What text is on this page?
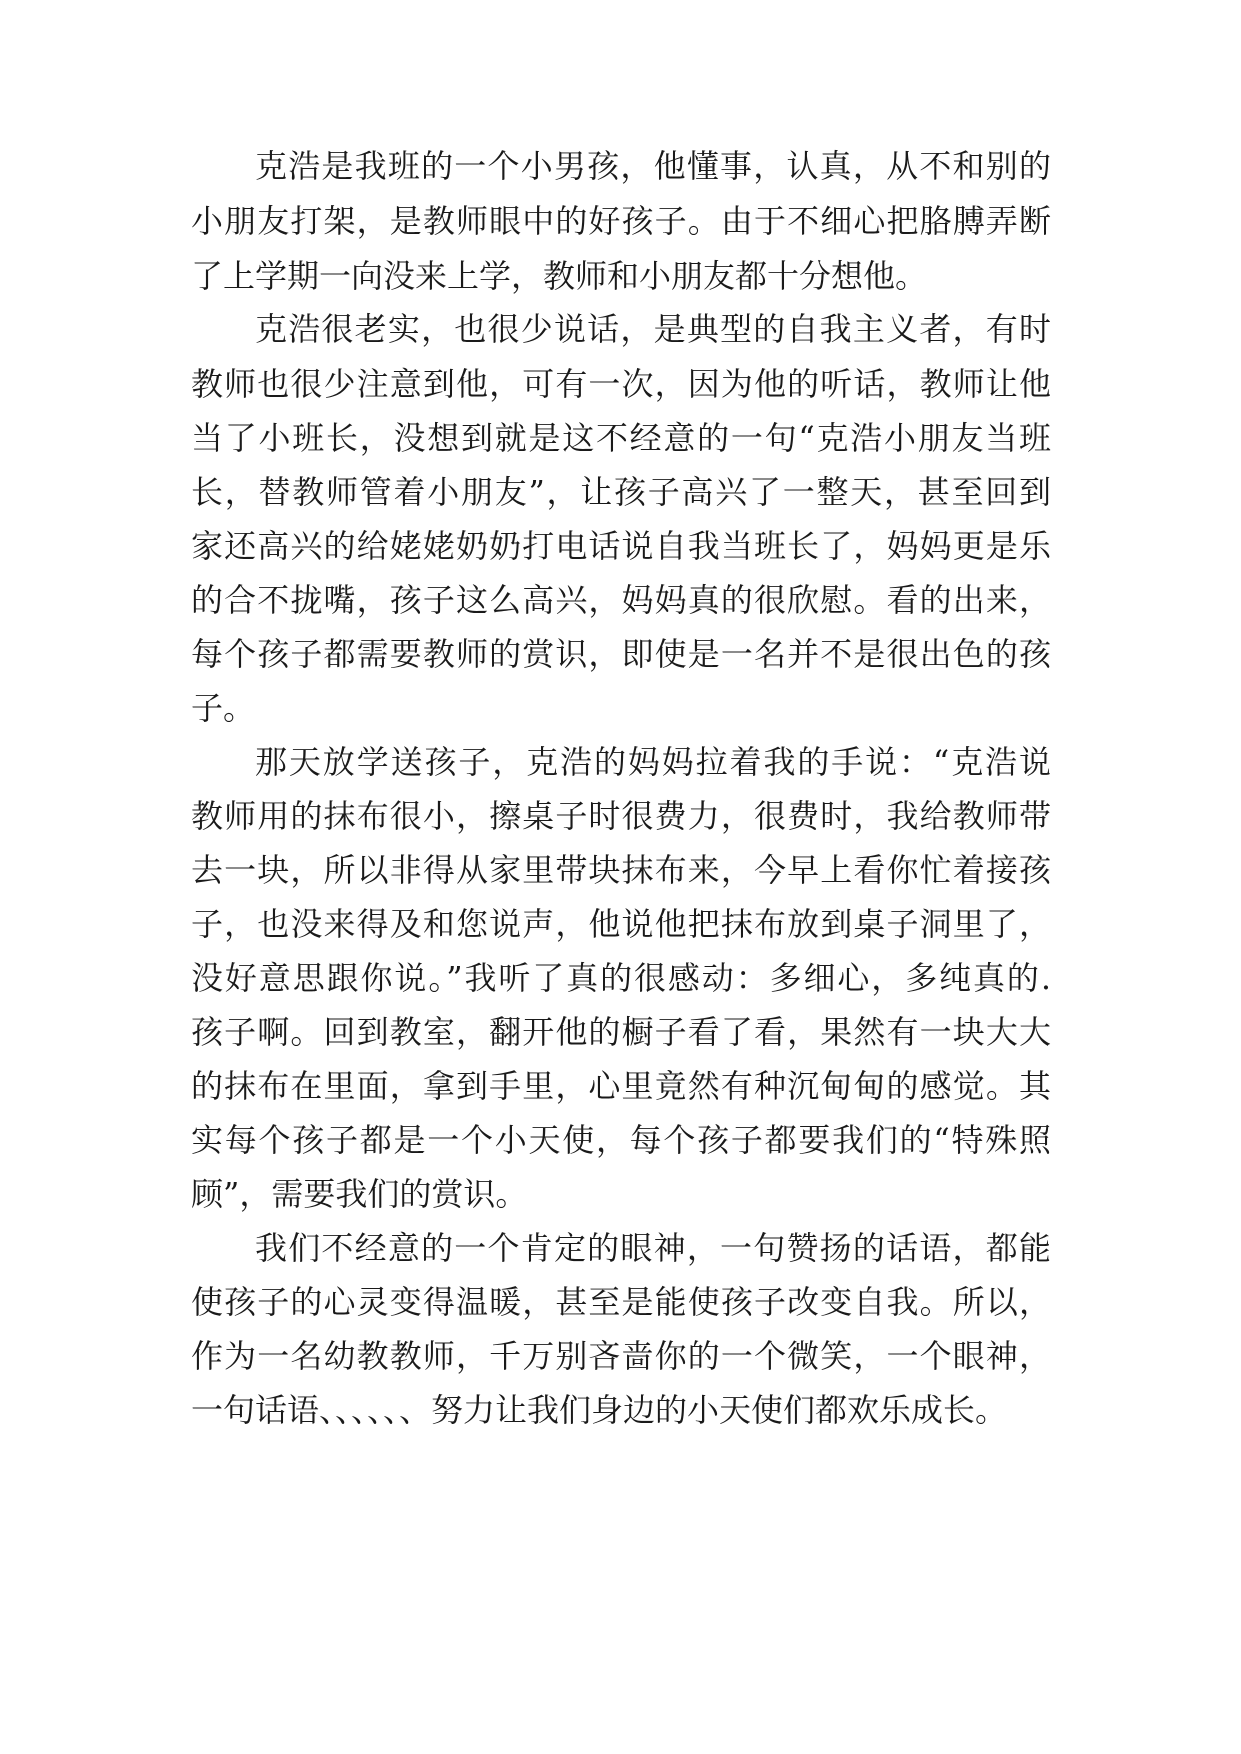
克浩是我班的一个小男孩，他懂事，认真，从不和别的
小朋友打架，是教师眼中的好孩子。由于不细心把胳膊弄断
了上学期一向没来上学，教师和小朋友都十分想他。
克浩很老实，也很少说话，是典型的自我主义者，有时
教师也很少注意到他，可有一次，因为他的听话，教师让他
当了小班长，没想到就是这不经意的一句“克浩小朋友当班
长，替教师管着小朋友”，让孩子高兴了一整天，甚至回到
家还高兴的给姥姥奶奶打电话说自我当班长了，妈妈更是乐
的合不拢嘴，孩子这么高兴，妈妈真的很欣慰。看的出来，
每个孩子都需要教师的赏识，即使是一名并不是很出色的孩
子。
那天放学送孩子，克浩的妈妈拉着我的手说：“克浩说
教师用的抹布很小，擦桌子时很费力，很费时，我给教师带
去一块，所以非得从家里带块抹布来，今早上看你忙着接孩
子，也没来得及和您说声，他说他把抹布放到桌子洞里了，
没好意思跟你说。”我听了真的很感动：多细心，多纯真的.
孩子啊。回到教室，翻开他的橱子看了看，果然有一块大大
的抹布在里面，拿到手里，心里竟然有种沉甸甸的感觉。其
实每个孩子都是一个小天使，每个孩子都要我们的“特殊照
顾”，需要我们的赏识。
我们不经意的一个肯定的眼神，一句赞扬的话语，都能
使孩子的心灵变得温暖，甚至是能使孩子改变自我。所以，
作为一名幼教教师，千万别吝啬你的一个微笑，一个眼神，
一句话语、、、、、、努力让我们身边的小天使们都欢乐成长。
